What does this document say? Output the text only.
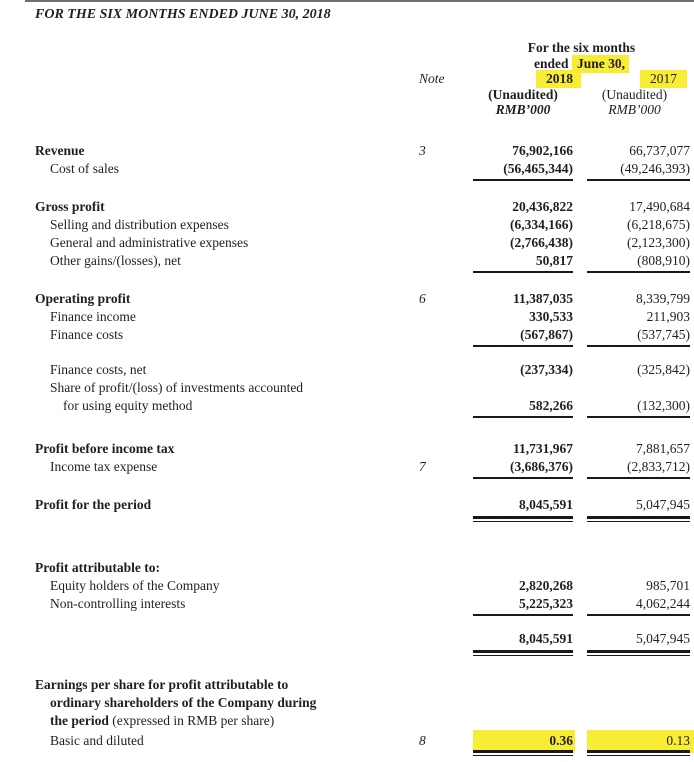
FOR THE SIX MONTHS ENDED JUNE 30, 2018
For the six months
ended June 30,
Note	2018	2017
(Unaudited)	(Unaudited)
RMB’000	RMB’000
Revenue	3	76,902,166	66,737,077
Cost of sales	(56,465,344)	(49,246,393)
Gross profit	20,436,822	17,490,684
Selling and distribution expenses	(6,334,166)	(6,218,675)
General and administrative expenses	(2,766,438)	(2,123,300)
Other gains/(losses), net	50,817	(808,910)
Operating profit	6	11,387,035	8,339,799
Finance income	330,533	211,903
Finance costs	(567,867)	(537,745)
Finance costs, net	(237,334)	(325,842)
Share of profit/(loss) of investments accounted
for using equity method	582,266	(132,300)
Profit before income tax	11,731,967	7,881,657
Income tax expense	7	(3,686,376)	(2,833,712)
Profit for the period	8,045,591	5,047,945
Profit attributable to:
Equity holders of the Company	2,820,268	985,701
Non-controlling interests	5,225,323	4,062,244
8,045,591	5,047,945
Earnings per share for profit attributable to
ordinary shareholders of the Company during
the period (expressed in RMB per share)
Basic and diluted	8	0.36	0.13
